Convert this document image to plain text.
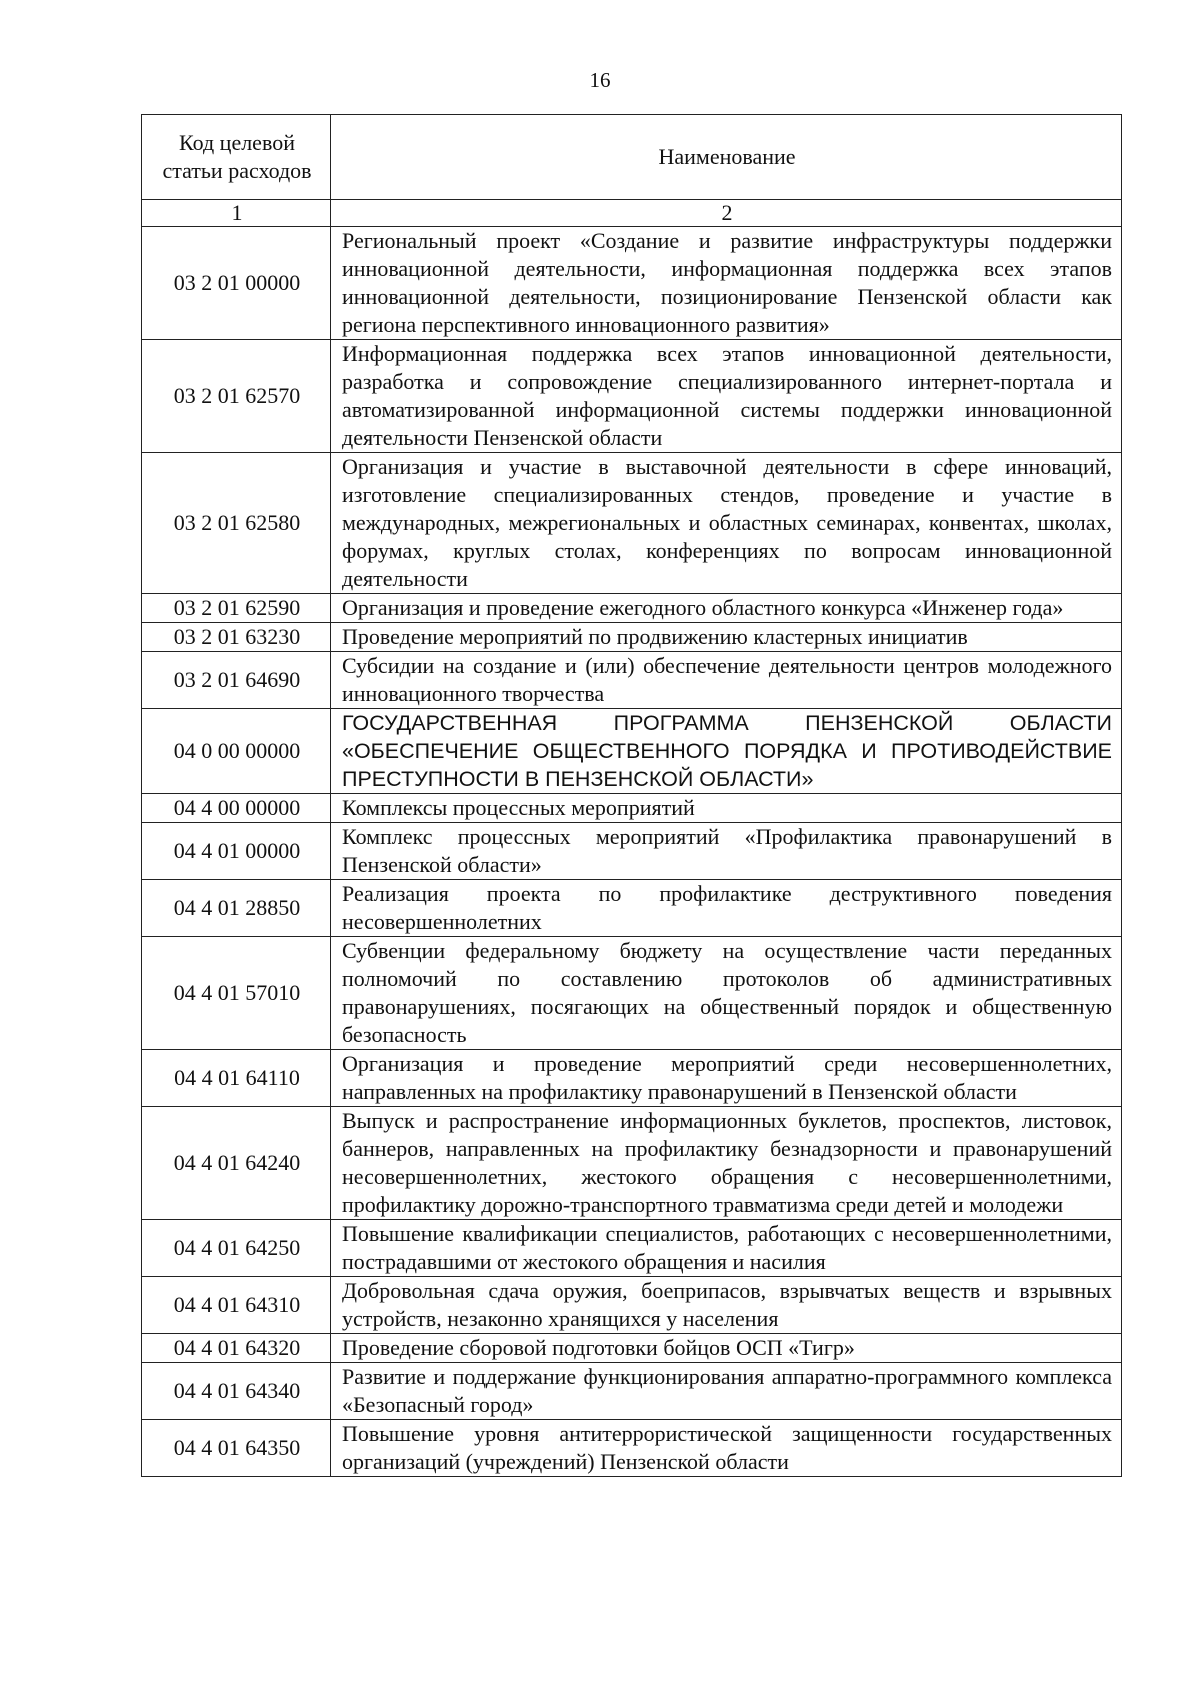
16
Код целевой статьи расходов	Наименование
1	2
03 2 01 00000	Региональный проект «Создание и развитие инфраструктуры поддержки инновационной деятельности, информационная поддержка всех этапов инновационной деятельности, позиционирование Пензенской области как региона перспективного инновационного развития»
03 2 01 62570	Информационная поддержка всех этапов инновационной деятельности, разработка и сопровождение специализированного интернет-портала и автоматизированной информационной системы поддержки инновационной деятельности Пензенской области
03 2 01 62580	Организация и участие в выставочной деятельности в сфере инноваций, изготовление специализированных стендов, проведение и участие в международных, межрегиональных и областных семинарах, конвентах, школах, форумах, круглых столах, конференциях по вопросам инновационной деятельности
03 2 01 62590	Организация и проведение ежегодного областного конкурса «Инженер года»
03 2 01 63230	Проведение мероприятий по продвижению кластерных инициатив
03 2 01 64690	Субсидии на создание и (или) обеспечение деятельности центров молодежного инновационного творчества
04 0 00 00000	ГОСУДАРСТВЕННАЯ ПРОГРАММА ПЕНЗЕНСКОЙ ОБЛАСТИ «ОБЕСПЕЧЕНИЕ ОБЩЕСТВЕННОГО ПОРЯДКА И ПРОТИВОДЕЙСТВИЕ ПРЕСТУПНОСТИ В ПЕНЗЕНСКОЙ ОБЛАСТИ»
04 4 00 00000	Комплексы процессных мероприятий
04 4 01 00000	Комплекс процессных мероприятий «Профилактика правонарушений в Пензенской области»
04 4 01 28850	Реализация проекта по профилактике деструктивного поведения несовершеннолетних
04 4 01 57010	Субвенции федеральному бюджету на осуществление части переданных полномочий по составлению протоколов об административных правонарушениях, посягающих на общественный порядок и общественную безопасность
04 4 01 64110	Организация и проведение мероприятий среди несовершеннолетних, направленных на профилактику правонарушений в Пензенской области
04 4 01 64240	Выпуск и распространение информационных буклетов, проспектов, листовок, баннеров, направленных на профилактику безнадзорности и правонарушений несовершеннолетних, жестокого обращения с несовершеннолетними, профилактику дорожно-транспортного травматизма среди детей и молодежи
04 4 01 64250	Повышение квалификации специалистов, работающих с несовершеннолетними, пострадавшими от жестокого обращения и насилия
04 4 01 64310	Добровольная сдача оружия, боеприпасов, взрывчатых веществ и взрывных устройств, незаконно хранящихся у населения
04 4 01 64320	Проведение сборовой подготовки бойцов ОСП «Тигр»
04 4 01 64340	Развитие и поддержание функционирования аппаратно-программного комплекса «Безопасный город»
04 4 01 64350	Повышение уровня антитеррористической защищенности государственных организаций (учреждений) Пензенской области
